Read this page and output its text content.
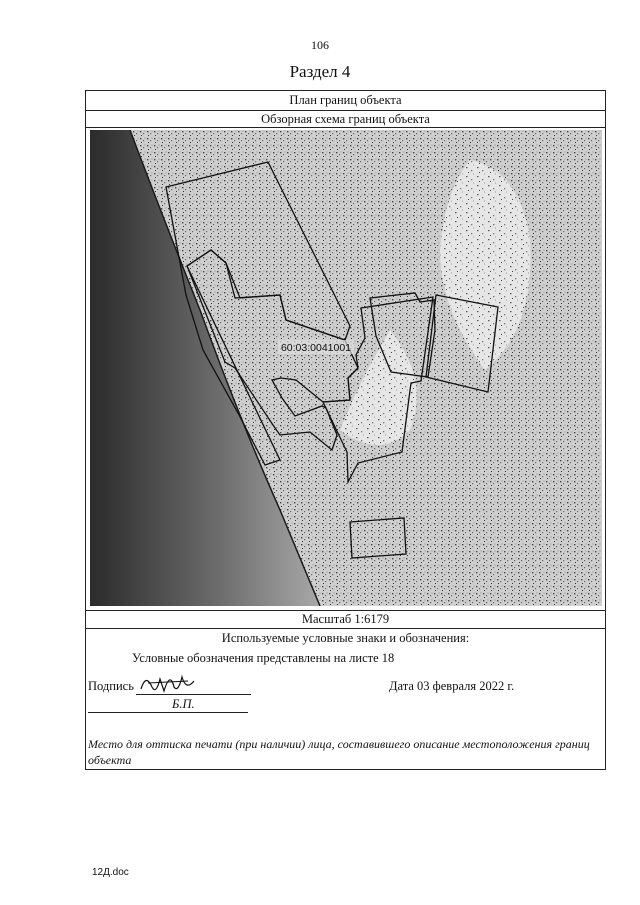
106
Раздел 4
План границ объекта
Обзорная схема границ объекта
60:03:0041001
Масштаб 1:6179
Используемые условные знаки и обозначения:
Условные обозначения представлены на листе 18
Подпись
Б.П.
Дата 03 февраля 2022 г.
Место для оттиска печати (при наличии) лица, составившего описание местоположения границ объекта
12Д.doc
